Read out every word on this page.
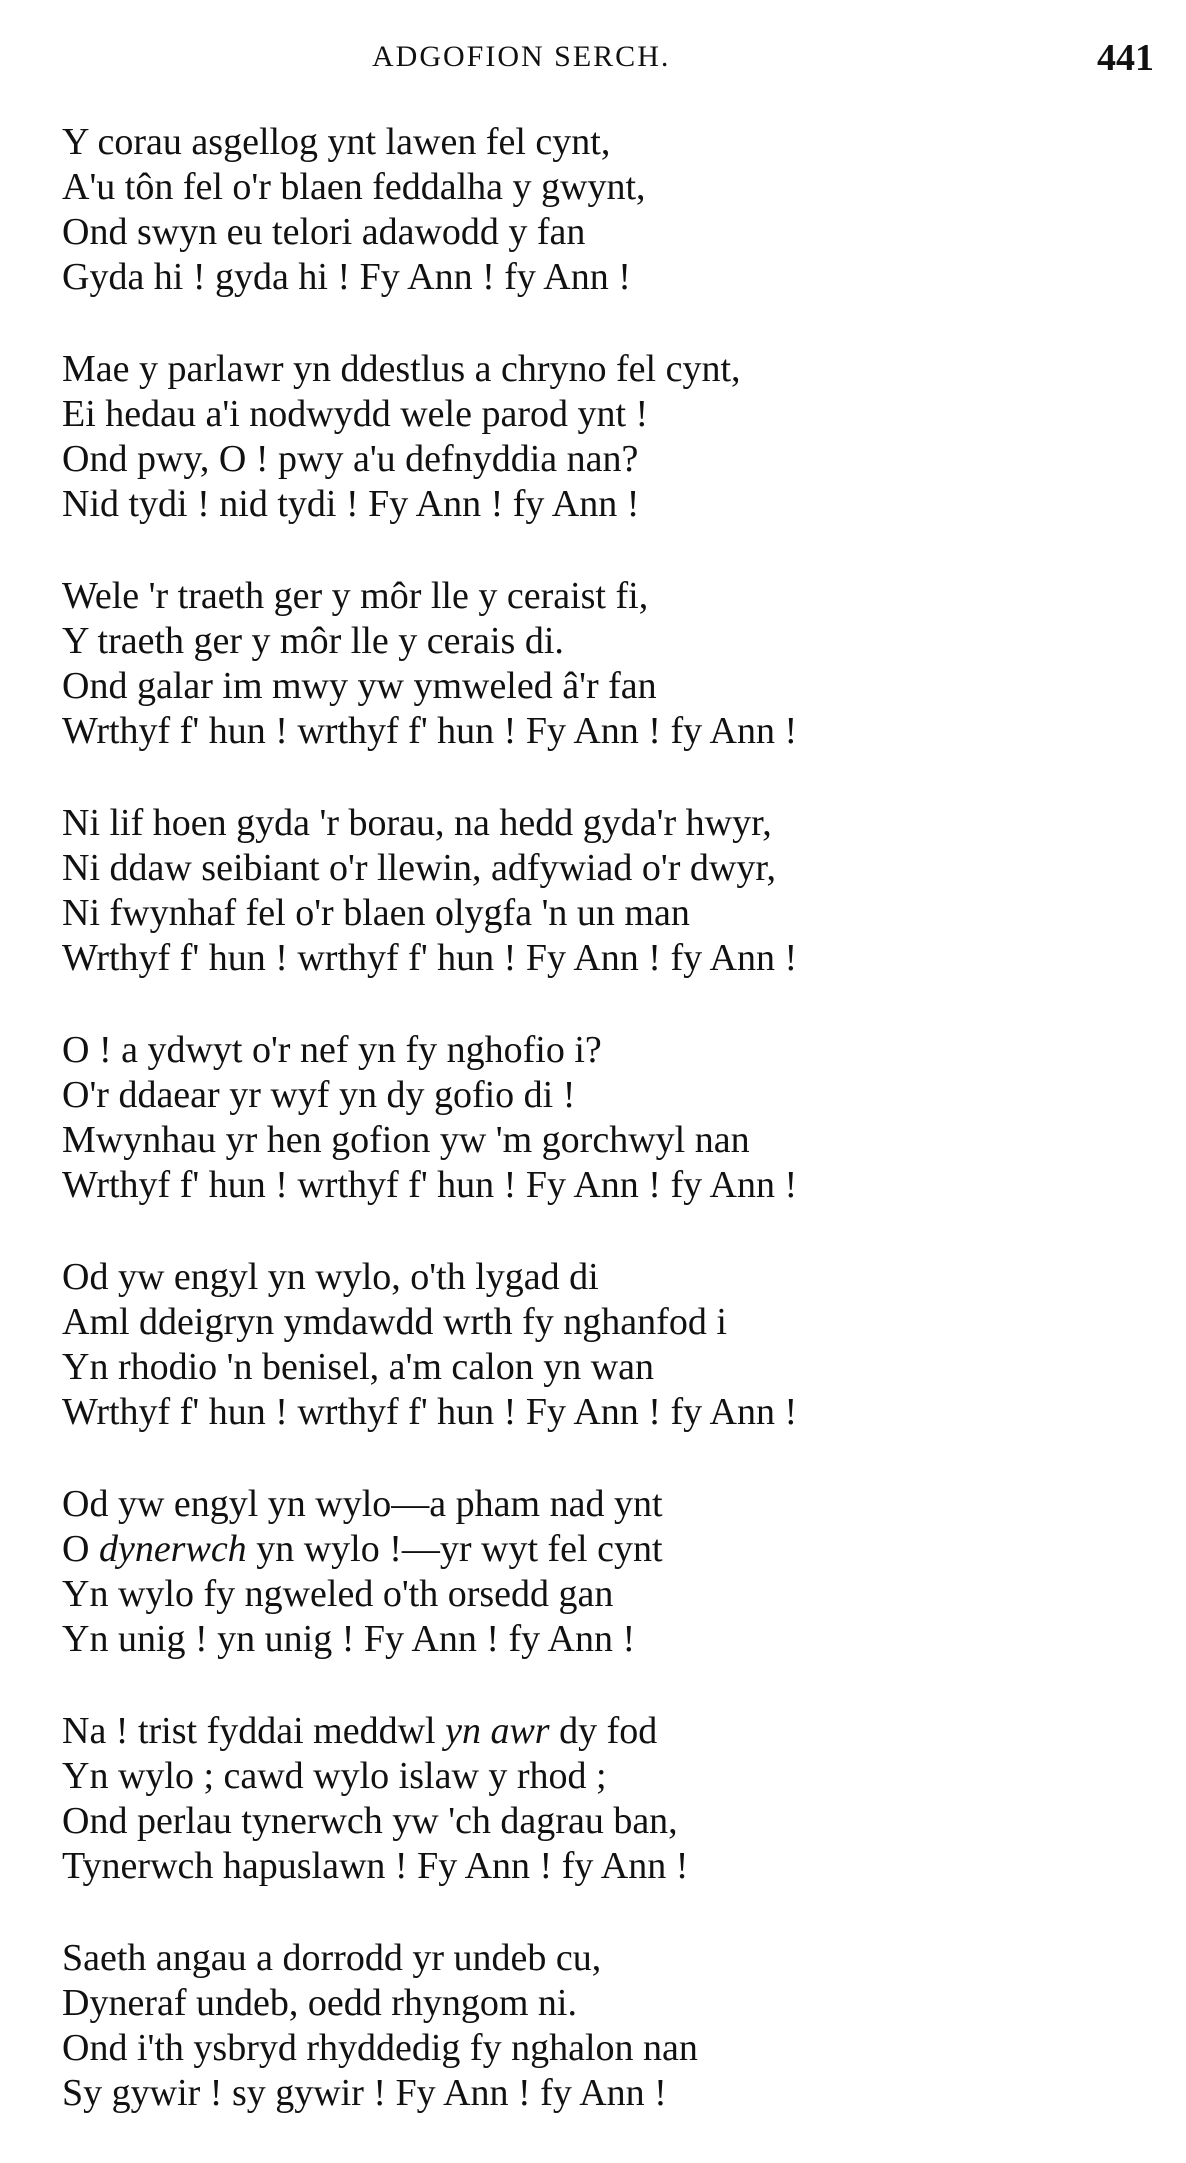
ADGOFION SERCH.	441
Y corau asgellog ynt lawen fel cynt,
A'u tôn fel o'r blaen feddalha y gwynt,
Ond swyn eu telori adawodd y fan
Gyda hi ! gyda hi ! Fy Ann ! fy Ann !
Mae y parlawr yn ddestlus a chryno fel cynt,
Ei hedau a'i nodwydd wele parod ynt !
Ond pwy, O ! pwy a'u defnyddia nan?
Nid tydi ! nid tydi ! Fy Ann ! fy Ann !
Wele 'r traeth ger y môr lle y ceraist fi,
Y traeth ger y môr lle y cerais di.
Ond galar im mwy yw ymweled â'r fan
Wrthyf f' hun ! wrthyf f' hun ! Fy Ann ! fy Ann !
Ni lif hoen gyda 'r borau, na hedd gyda'r hwyr,
Ni ddaw seibiant o'r llewin, adfywiad o'r dwyr,
Ni fwynhaf fel o'r blaen olygfa 'n un man
Wrthyf f' hun ! wrthyf f' hun ! Fy Ann ! fy Ann !
O ! a ydwyt o'r nef yn fy nghofio i?
O'r ddaear yr wyf yn dy gofio di !
Mwynhau yr hen gofion yw 'm gorchwyl nan
Wrthyf f' hun ! wrthyf f' hun ! Fy Ann ! fy Ann !
Od yw engyl yn wylo, o'th lygad di
Aml ddeigryn ymdawdd wrth fy nghanfod i
Yn rhodio 'n benisel, a'm calon yn wan
Wrthyf f' hun ! wrthyf f' hun ! Fy Ann ! fy Ann !
Od yw engyl yn wylo—a pham nad ynt
O dynerwch yn wylo !—yr wyt fel cynt
Yn wylo fy ngweled o'th orsedd gan
Yn unig ! yn unig ! Fy Ann ! fy Ann !
Na ! trist fyddai meddwl yn awr dy fod
Yn wylo ; cawd wylo islaw y rhod ;
Ond perlau tynerwch yw 'ch dagrau ban,
Tynerwch hapuslawn ! Fy Ann ! fy Ann !
Saeth angau a dorrodd yr undeb cu,
Dyneraf undeb, oedd rhyngom ni.
Ond i'th ysbryd rhyddedig fy nghalon nan
Sy gywir ! sy gywir ! Fy Ann ! fy Ann !
